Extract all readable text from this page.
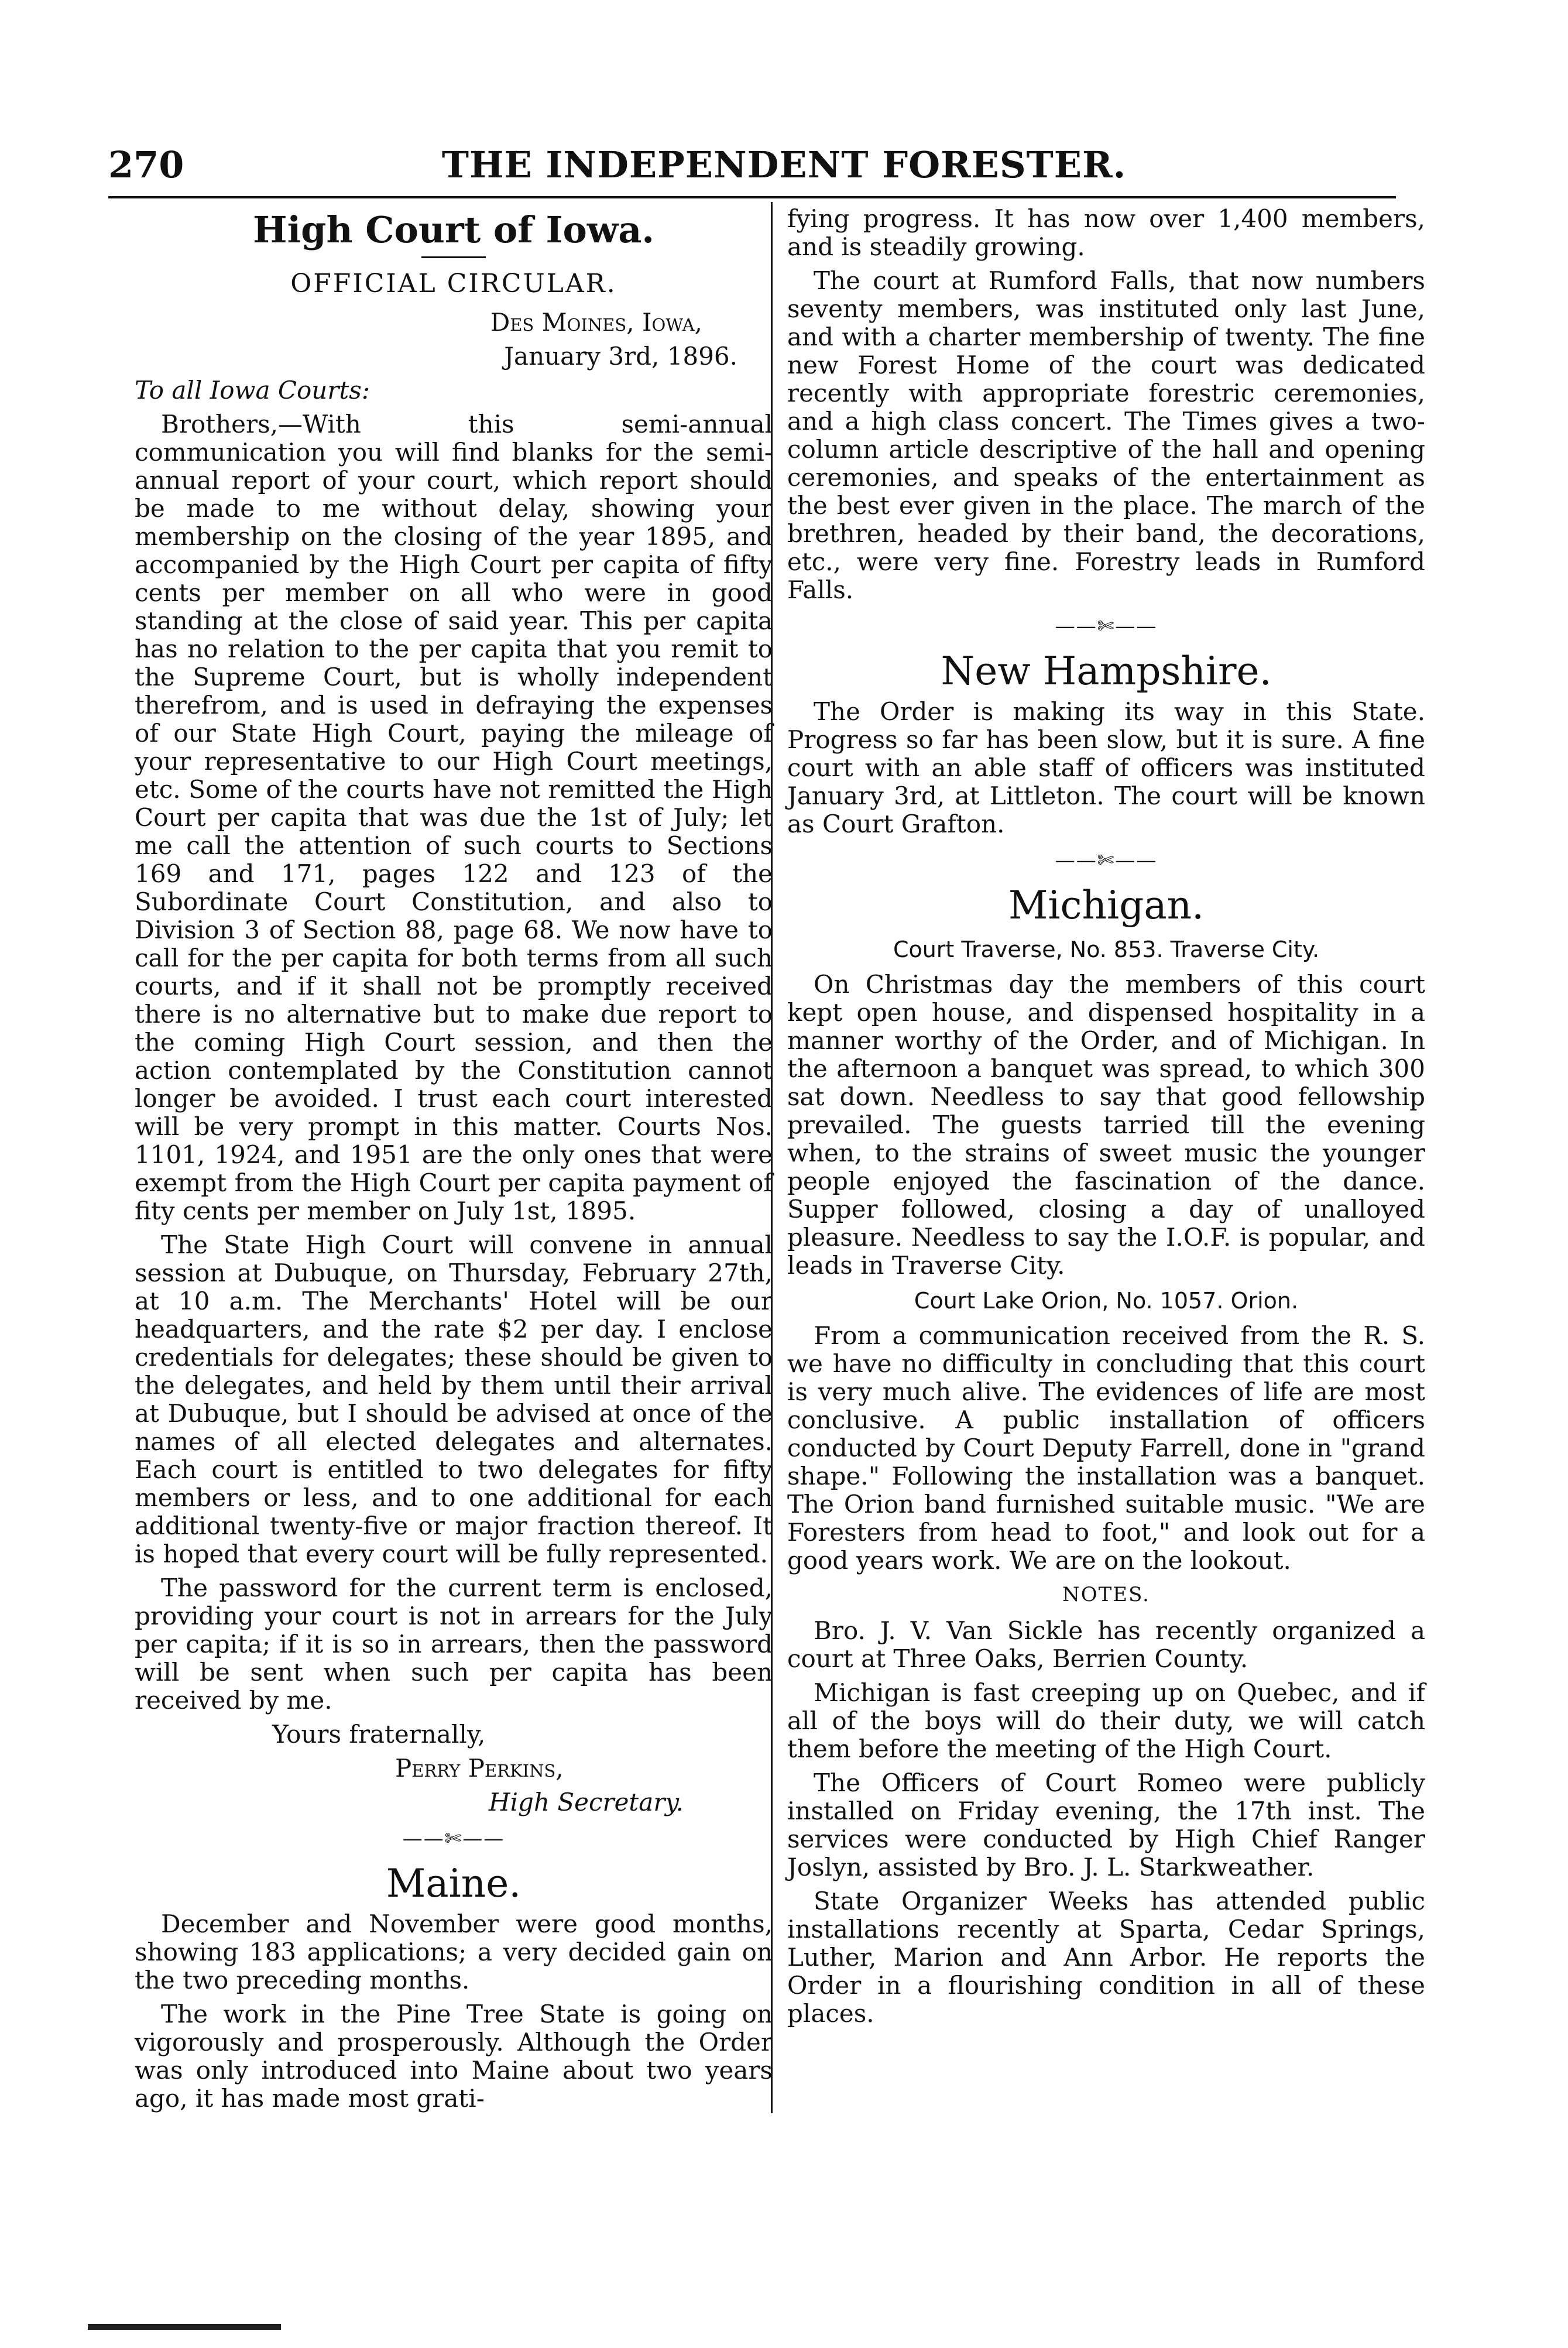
270	THE INDEPENDENT FORESTER.
High Court of Iowa.
OFFICIAL CIRCULAR.

Des Moines, Iowa,

January 3rd, 1896.

To all Iowa Courts:

Brothers,—With this semi-annual communication you will find blanks for the semi-annual report of your court, which report should be made to me without delay, showing your membership on the closing of the year 1895, and accompanied by the High Court per capita of fifty cents per member on all who were in good standing at the close of said year. This per capita has no relation to the per capita that you remit to the Supreme Court, but is wholly independent therefrom, and is used in defraying the expenses of our State High Court, paying the mileage of your representative to our High Court meetings, etc. Some of the courts have not remitted the High Court per capita that was due the 1st of July; let me call the attention of such courts to Sections 169 and 171, pages 122 and 123 of the Subordinate Court Constitution, and also to Division 3 of Section 88, page 68. We now have to call for the per capita for both terms from all such courts, and if it shall not be promptly received there is no alternative but to make due report to the coming High Court session, and then the action contemplated by the Constitution cannot longer be avoided. I trust each court interested will be very prompt in this matter. Courts Nos. 1101, 1924, and 1951 are the only ones that were exempt from the High Court per capita payment of fity cents per member on July 1st, 1895.

The State High Court will convene in annual session at Dubuque, on Thursday, February 27th, at 10 a.m. The Merchants' Hotel will be our headquarters, and the rate $2 per day. I enclose credentials for delegates; these should be given to the delegates, and held by them until their arrival at Dubuque, but I should be advised at once of the names of all elected delegates and alternates. Each court is entitled to two delegates for fifty members or less, and to one additional for each additional twenty-five or major fraction thereof. It is hoped that every court will be fully represented.

The password for the current term is enclosed, providing your court is not in arrears for the July per capita; if it is so in arrears, then the password will be sent when such per capita has been received by me.

Yours fraternally,

Perry Perkins,

High Secretary.

——✄——
Maine.

December and November were good months, showing 183 applications; a very decided gain on the two preceding months.

The work in the Pine Tree State is going on vigorously and prosperously. Although the Order was only introduced into Maine about two years ago, it has made most grati-

fying progress. It has now over 1,400 members, and is steadily growing.

The court at Rumford Falls, that now numbers seventy members, was instituted only last June, and with a charter membership of twenty. The fine new Forest Home of the court was dedicated recently with appropriate forestric ceremonies, and a high class concert. The Times gives a two-column article descriptive of the hall and opening ceremonies, and speaks of the entertainment as the best ever given in the place. The march of the brethren, headed by their band, the decorations, etc., were very fine. Forestry leads in Rumford Falls.

——✄——
New Hampshire.

The Order is making its way in this State. Progress so far has been slow, but it is sure. A fine court with an able staff of officers was instituted January 3rd, at Littleton. The court will be known as Court Grafton.

——✄——
Michigan.
Court Traverse, No. 853. Traverse City.

On Christmas day the members of this court kept open house, and dispensed hospitality in a manner worthy of the Order, and of Michigan. In the afternoon a banquet was spread, to which 300 sat down. Needless to say that good fellowship prevailed. The guests tarried till the evening when, to the strains of sweet music the younger people enjoyed the fascination of the dance. Supper followed, closing a day of unalloyed pleasure. Needless to say the I.O.F. is popular, and leads in Traverse City.

Court Lake Orion, No. 1057. Orion.

From a communication received from the R. S. we have no difficulty in concluding that this court is very much alive. The evidences of life are most conclusive. A public installation of officers conducted by Court Deputy Farrell, done in "grand shape." Following the installation was a banquet. The Orion band furnished suitable music. "We are Foresters from head to foot," and look out for a good years work. We are on the lookout.

NOTES.

Bro. J. V. Van Sickle has recently organized a court at Three Oaks, Berrien County.

Michigan is fast creeping up on Quebec, and if all of the boys will do their duty, we will catch them before the meeting of the High Court.

The Officers of Court Romeo were publicly installed on Friday evening, the 17th inst. The services were conducted by High Chief Ranger Joslyn, assisted by Bro. J. L. Starkweather.

State Organizer Weeks has attended public installations recently at Sparta, Cedar Springs, Luther, Marion and Ann Arbor. He reports the Order in a flourishing condition in all of these places.
